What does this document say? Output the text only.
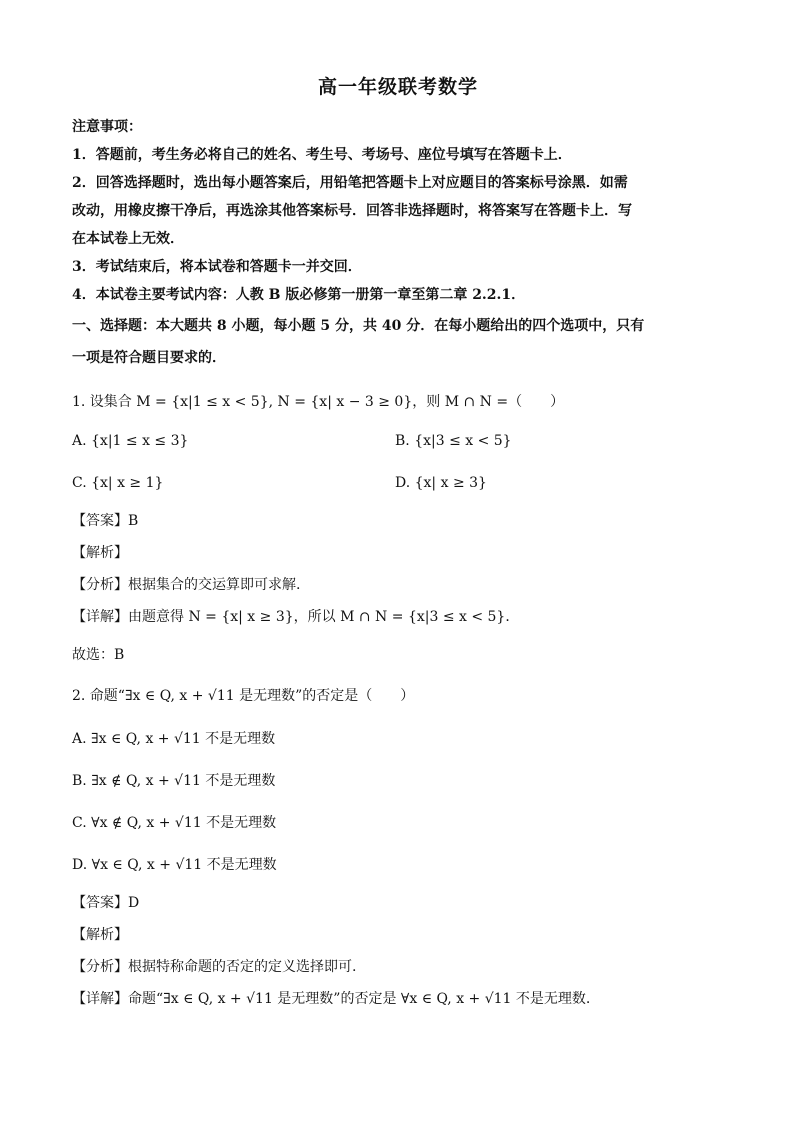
高一年级联考数学

注意事项：

1．答题前，考生务必将自己的姓名、考生号、考场号、座位号填写在答题卡上．

2．回答选择题时，选出每小题答案后，用铅笔把答题卡上对应题目的答案标号涂黑．如需

改动，用橡皮擦干净后，再选涂其他答案标号．回答非选择题时，将答案写在答题卡上．写

在本试卷上无效．

3．考试结束后，将本试卷和答题卡一并交回．

4．本试卷主要考试内容：人教 B 版必修第一册第一章至第二章 2.2.1．

一、选择题：本大题共 8 小题，每小题 5 分，共 40 分．在每小题给出的四个选项中，只有

一项是符合题目要求的．

1. 设集合 M = {x|1 ≤ x < 5}, N = {x| x − 3 ≥ 0}，则 M ∩ N =（　　）

A. {x|1 ≤ x ≤ 3}	B. {x|3 ≤ x < 5}
C. {x| x ≥ 1}	D. {x| x ≥ 3}

【答案】B

【解析】

【分析】根据集合的交运算即可求解.

【详解】由题意得 N = {x| x ≥ 3}，所以 M ∩ N = {x|3 ≤ x < 5}．

故选：B

2. 命题“∃x ∈ Q, x + √11 是无理数”的否定是（　　）

A. ∃x ∈ Q, x + √11 不是无理数

B. ∃x ∉ Q, x + √11 不是无理数

C. ∀x ∉ Q, x + √11 不是无理数

D. ∀x ∈ Q, x + √11 不是无理数

【答案】D

【解析】

【分析】根据特称命题的否定的定义选择即可.

【详解】命题“∃x ∈ Q, x + √11 是无理数”的否定是 ∀x ∈ Q, x + √11 不是无理数.
